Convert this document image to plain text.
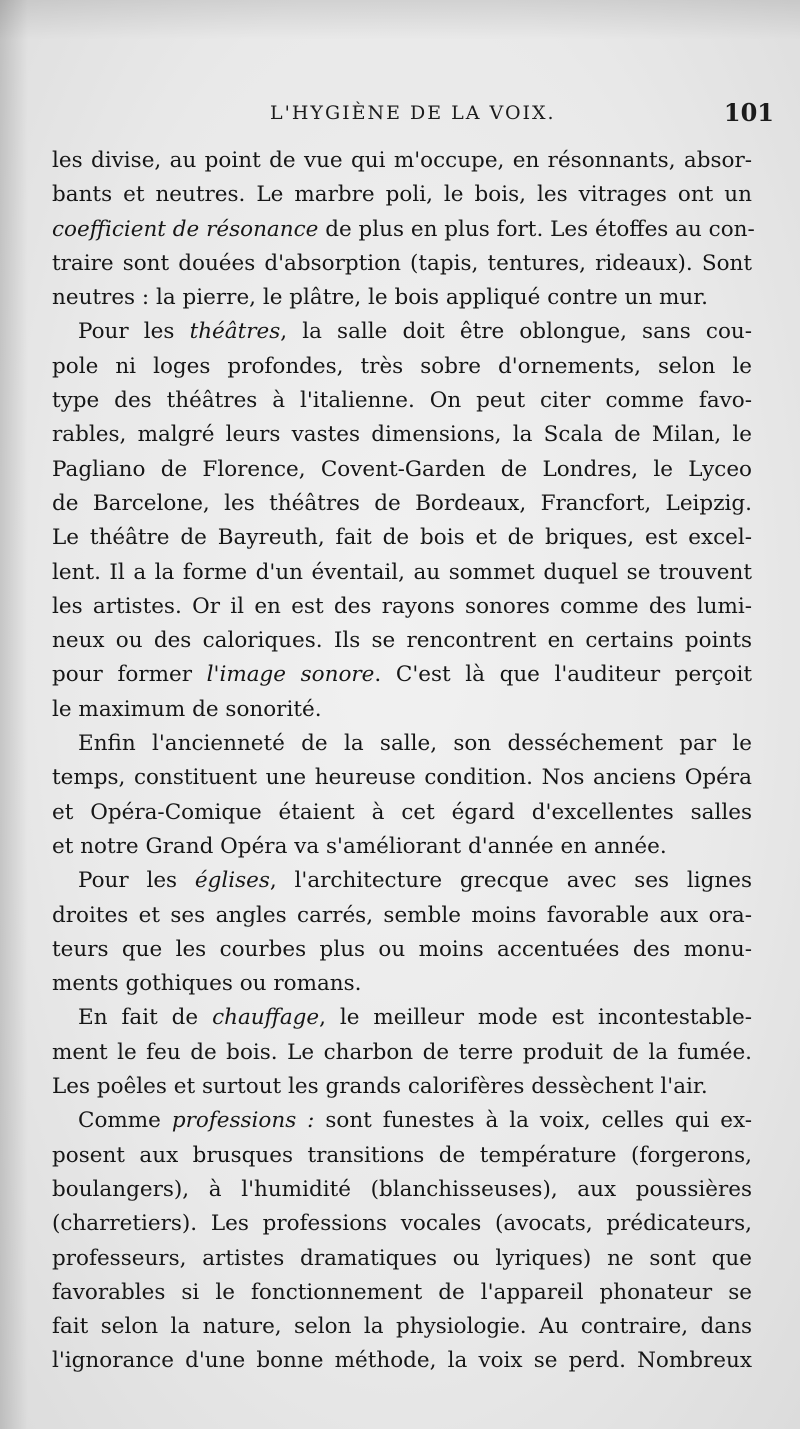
L'HYGIÈNE DE LA VOIX.	101
les divise, au point de vue qui m'occupe, en résonnants, absor-
bants et neutres. Le marbre poli, le bois, les vitrages ont un
coefficient de résonance de plus en plus fort. Les étoffes au con-
traire sont douées d'absorption (tapis, tentures, rideaux). Sont
neutres : la pierre, le plâtre, le bois appliqué contre un mur.
Pour les théâtres, la salle doit être oblongue, sans cou-
pole ni loges profondes, très sobre d'ornements, selon le
type des théâtres à l'italienne. On peut citer comme favo-
rables, malgré leurs vastes dimensions, la Scala de Milan, le
Pagliano de Florence, Covent-Garden de Londres, le Lyceo
de Barcelone, les théâtres de Bordeaux, Francfort, Leipzig.
Le théâtre de Bayreuth, fait de bois et de briques, est excel-
lent. Il a la forme d'un éventail, au sommet duquel se trouvent
les artistes. Or il en est des rayons sonores comme des lumi-
neux ou des caloriques. Ils se rencontrent en certains points
pour former l'image sonore. C'est là que l'auditeur perçoit
le maximum de sonorité.
Enfin l'ancienneté de la salle, son desséchement par le
temps, constituent une heureuse condition. Nos anciens Opéra
et Opéra-Comique étaient à cet égard d'excellentes salles
et notre Grand Opéra va s'améliorant d'année en année.
Pour les églises, l'architecture grecque avec ses lignes
droites et ses angles carrés, semble moins favorable aux ora-
teurs que les courbes plus ou moins accentuées des monu-
ments gothiques ou romans.
En fait de chauffage, le meilleur mode est incontestable-
ment le feu de bois. Le charbon de terre produit de la fumée.
Les poêles et surtout les grands calorifères dessèchent l'air.
Comme professions : sont funestes à la voix, celles qui ex-
posent aux brusques transitions de température (forgerons,
boulangers), à l'humidité (blanchisseuses), aux poussières
(charretiers). Les professions vocales (avocats, prédicateurs,
professeurs, artistes dramatiques ou lyriques) ne sont que
favorables si le fonctionnement de l'appareil phonateur se
fait selon la nature, selon la physiologie. Au contraire, dans
l'ignorance d'une bonne méthode, la voix se perd. Nombreux
